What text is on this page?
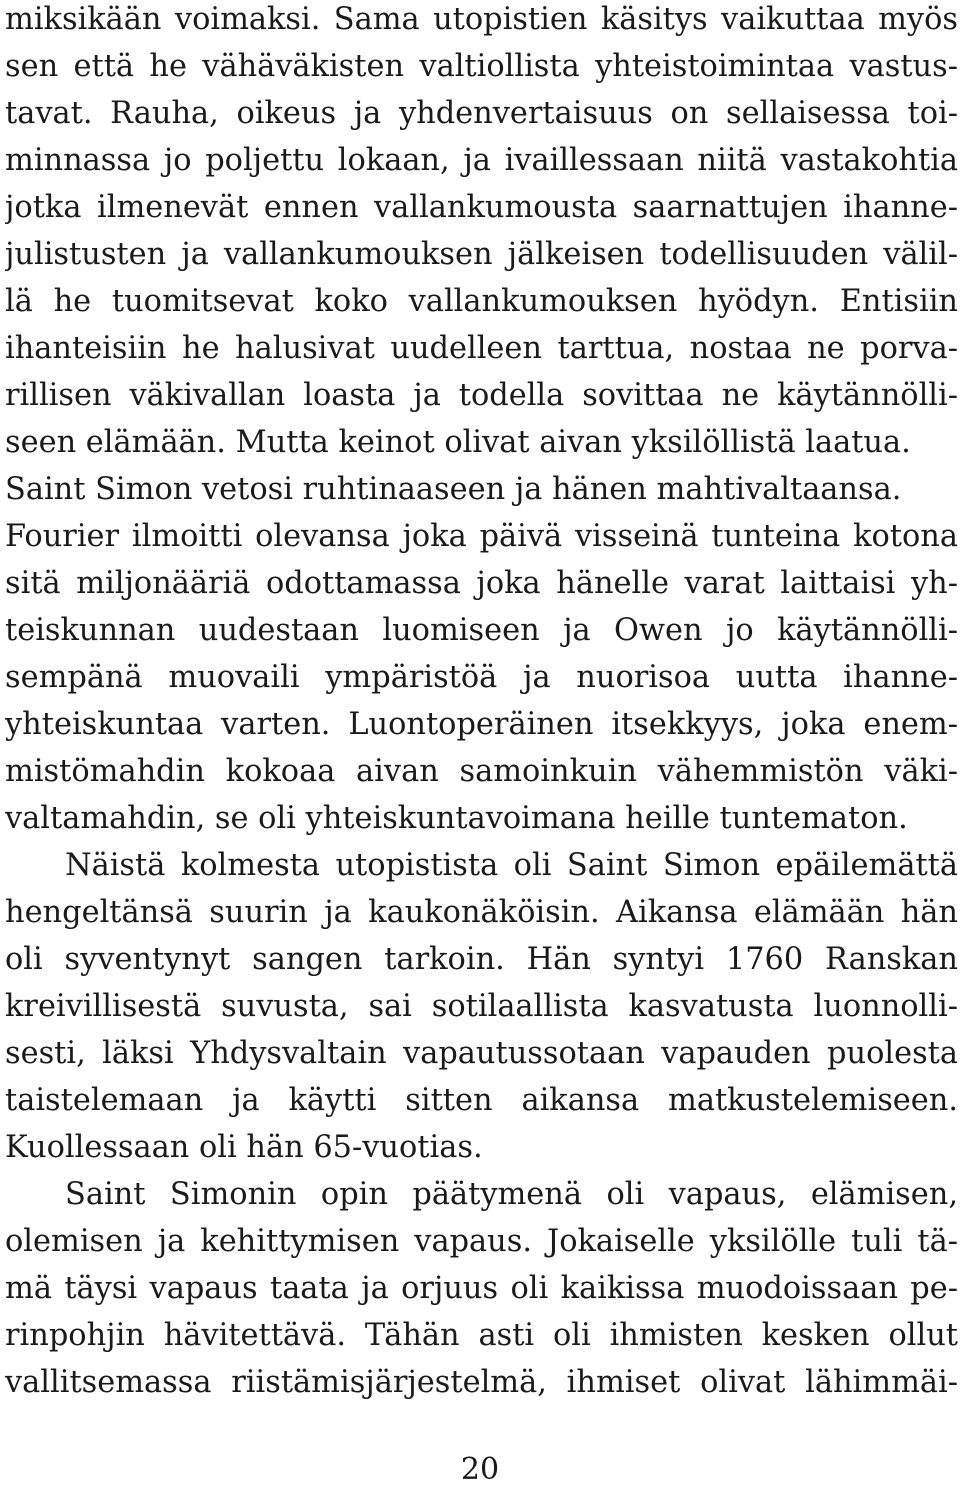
miksikään voimaksi. Sama utopistien käsitys vaikuttaa myös
sen että he vähäväkisten valtiollista yhteistoimintaa vastus-
tavat. Rauha, oikeus ja yhdenvertaisuus on sellaisessa toi-
minnassa jo poljettu lokaan, ja ivaillessaan niitä vastakohtia
jotka ilmenevät ennen vallankumousta saarnattujen ihanne-
julistusten ja vallankumouksen jälkeisen todellisuuden välil-
lä he tuomitsevat koko vallankumouksen hyödyn. Entisiin
ihanteisiin he halusivat uudelleen tarttua, nostaa ne porva-
rillisen väkivallan loasta ja todella sovittaa ne käytännölli-
seen elämään. Mutta keinot olivat aivan yksilöllistä laatua.
Saint Simon vetosi ruhtinaaseen ja hänen mahtivaltaansa.
Fourier ilmoitti olevansa joka päivä visseinä tunteina kotona
sitä miljonääriä odottamassa joka hänelle varat laittaisi yh-
teiskunnan uudestaan luomiseen ja Owen jo käytännölli-
sempänä muovaili ympäristöä ja nuorisoa uutta ihanne-
yhteiskuntaa varten. Luontoperäinen itsekkyys, joka enem-
mistömahdin kokoaa aivan samoinkuin vähemmistön väki-
valtamahdin, se oli yhteiskuntavoimana heille tuntematon.
Näistä kolmesta utopistista oli Saint Simon epäilemättä
hengeltänsä suurin ja kaukonäköisin. Aikansa elämään hän
oli syventynyt sangen tarkoin. Hän syntyi 1760 Ranskan
kreivillisestä suvusta, sai sotilaallista kasvatusta luonnolli-
sesti, läksi Yhdysvaltain vapautussotaan vapauden puolesta
taistelemaan ja käytti sitten aikansa matkustelemiseen.
Kuollessaan oli hän 65-vuotias.
Saint Simonin opin päätymenä oli vapaus, elämisen,
olemisen ja kehittymisen vapaus. Jokaiselle yksilölle tuli tä-
mä täysi vapaus taata ja orjuus oli kaikissa muodoissaan pe-
rinpohjin hävitettävä. Tähän asti oli ihmisten kesken ollut
vallitsemassa riistämisjärjestelmä, ihmiset olivat lähimmäi-
20
